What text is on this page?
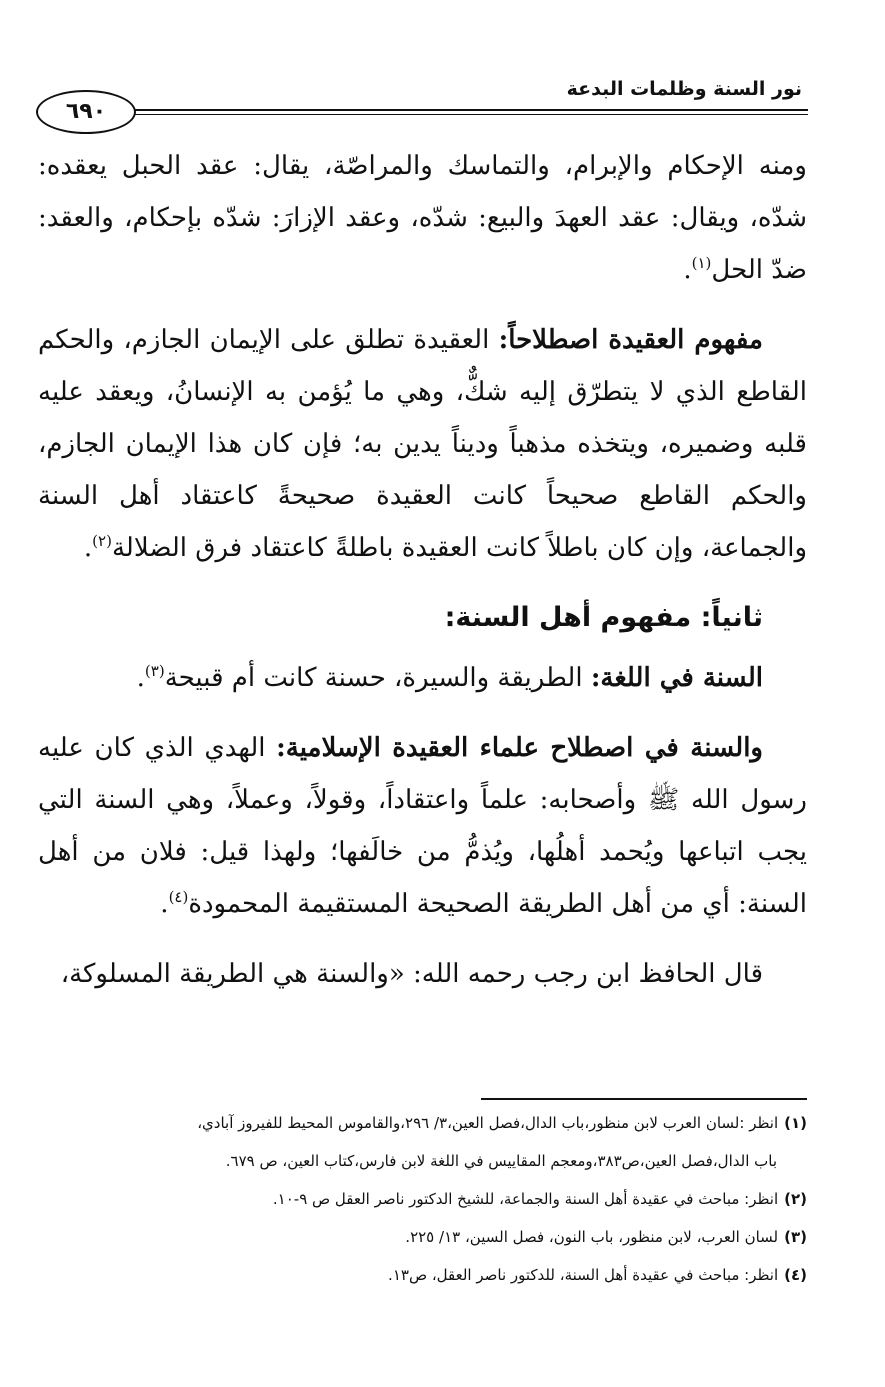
نور السنة وظلمات البدعة
٦٩٠

ومنه الإحكام والإبرام، والتماسك والمراصّة، يقال: عقد الحبل يعقده: شدّه، ويقال: عقد العهدَ والبيع: شدّه، وعقد الإزارَ: شدّه بإحكام، والعقد: ضدّ الحل$^{(١)}$.

مفهوم العقيدة اصطلاحاً: العقيدة تطلق على الإيمان الجازم، والحكم القاطع الذي لا يتطرّق إليه شكٌّ، وهي ما يُؤمن به الإنسانُ، ويعقد عليه قلبه وضميره، ويتخذه مذهباً وديناً يدين به؛ فإن كان هذا الإيمان الجازم، والحكم القاطع صحيحاً كانت العقيدة صحيحةً كاعتقاد أهل السنة والجماعة، وإن كان باطلاً كانت العقيدة باطلةً كاعتقاد فرق الضلالة$^{(٢)}$.

ثانياً: مفهوم أهل السنة:

السنة في اللغة: الطريقة والسيرة، حسنة كانت أم قبيحة$^{(٣)}$.

والسنة في اصطلاح علماء العقيدة الإسلامية: الهدي الذي كان عليه رسول الله ﷺ وأصحابه: علماً واعتقاداً، وقولاً، وعملاً، وهي السنة التي يجب اتباعها ويُحمد أهلُها، ويُذمُّ من خالَفها؛ ولهذا قيل: فلان من أهل السنة: أي من أهل الطريقة الصحيحة المستقيمة المحمودة$^{(٤)}$.

قال الحافظ ابن رجب رحمه الله: «والسنة هي الطريقة المسلوكة،

(١)انظر :لسان العرب لابن منظور،باب الدال،فصل العين،٣/ ٢٩٦،والقاموس المحيط للفيروز آبادي،
باب الدال،فصل العين،ص٣٨٣،ومعجم المقاييس في اللغة لابن فارس،كتاب العين، ص ٦٧٩.

(٢)انظر: مباحث في عقيدة أهل السنة والجماعة، للشيخ الدكتور ناصر العقل ص ٩-١٠.

(٣)لسان العرب، لابن منظور، باب النون، فصل السين، ١٣/ ٢٢٥.

(٤)انظر: مباحث في عقيدة أهل السنة، للدكتور ناصر العقل، ص١٣.
